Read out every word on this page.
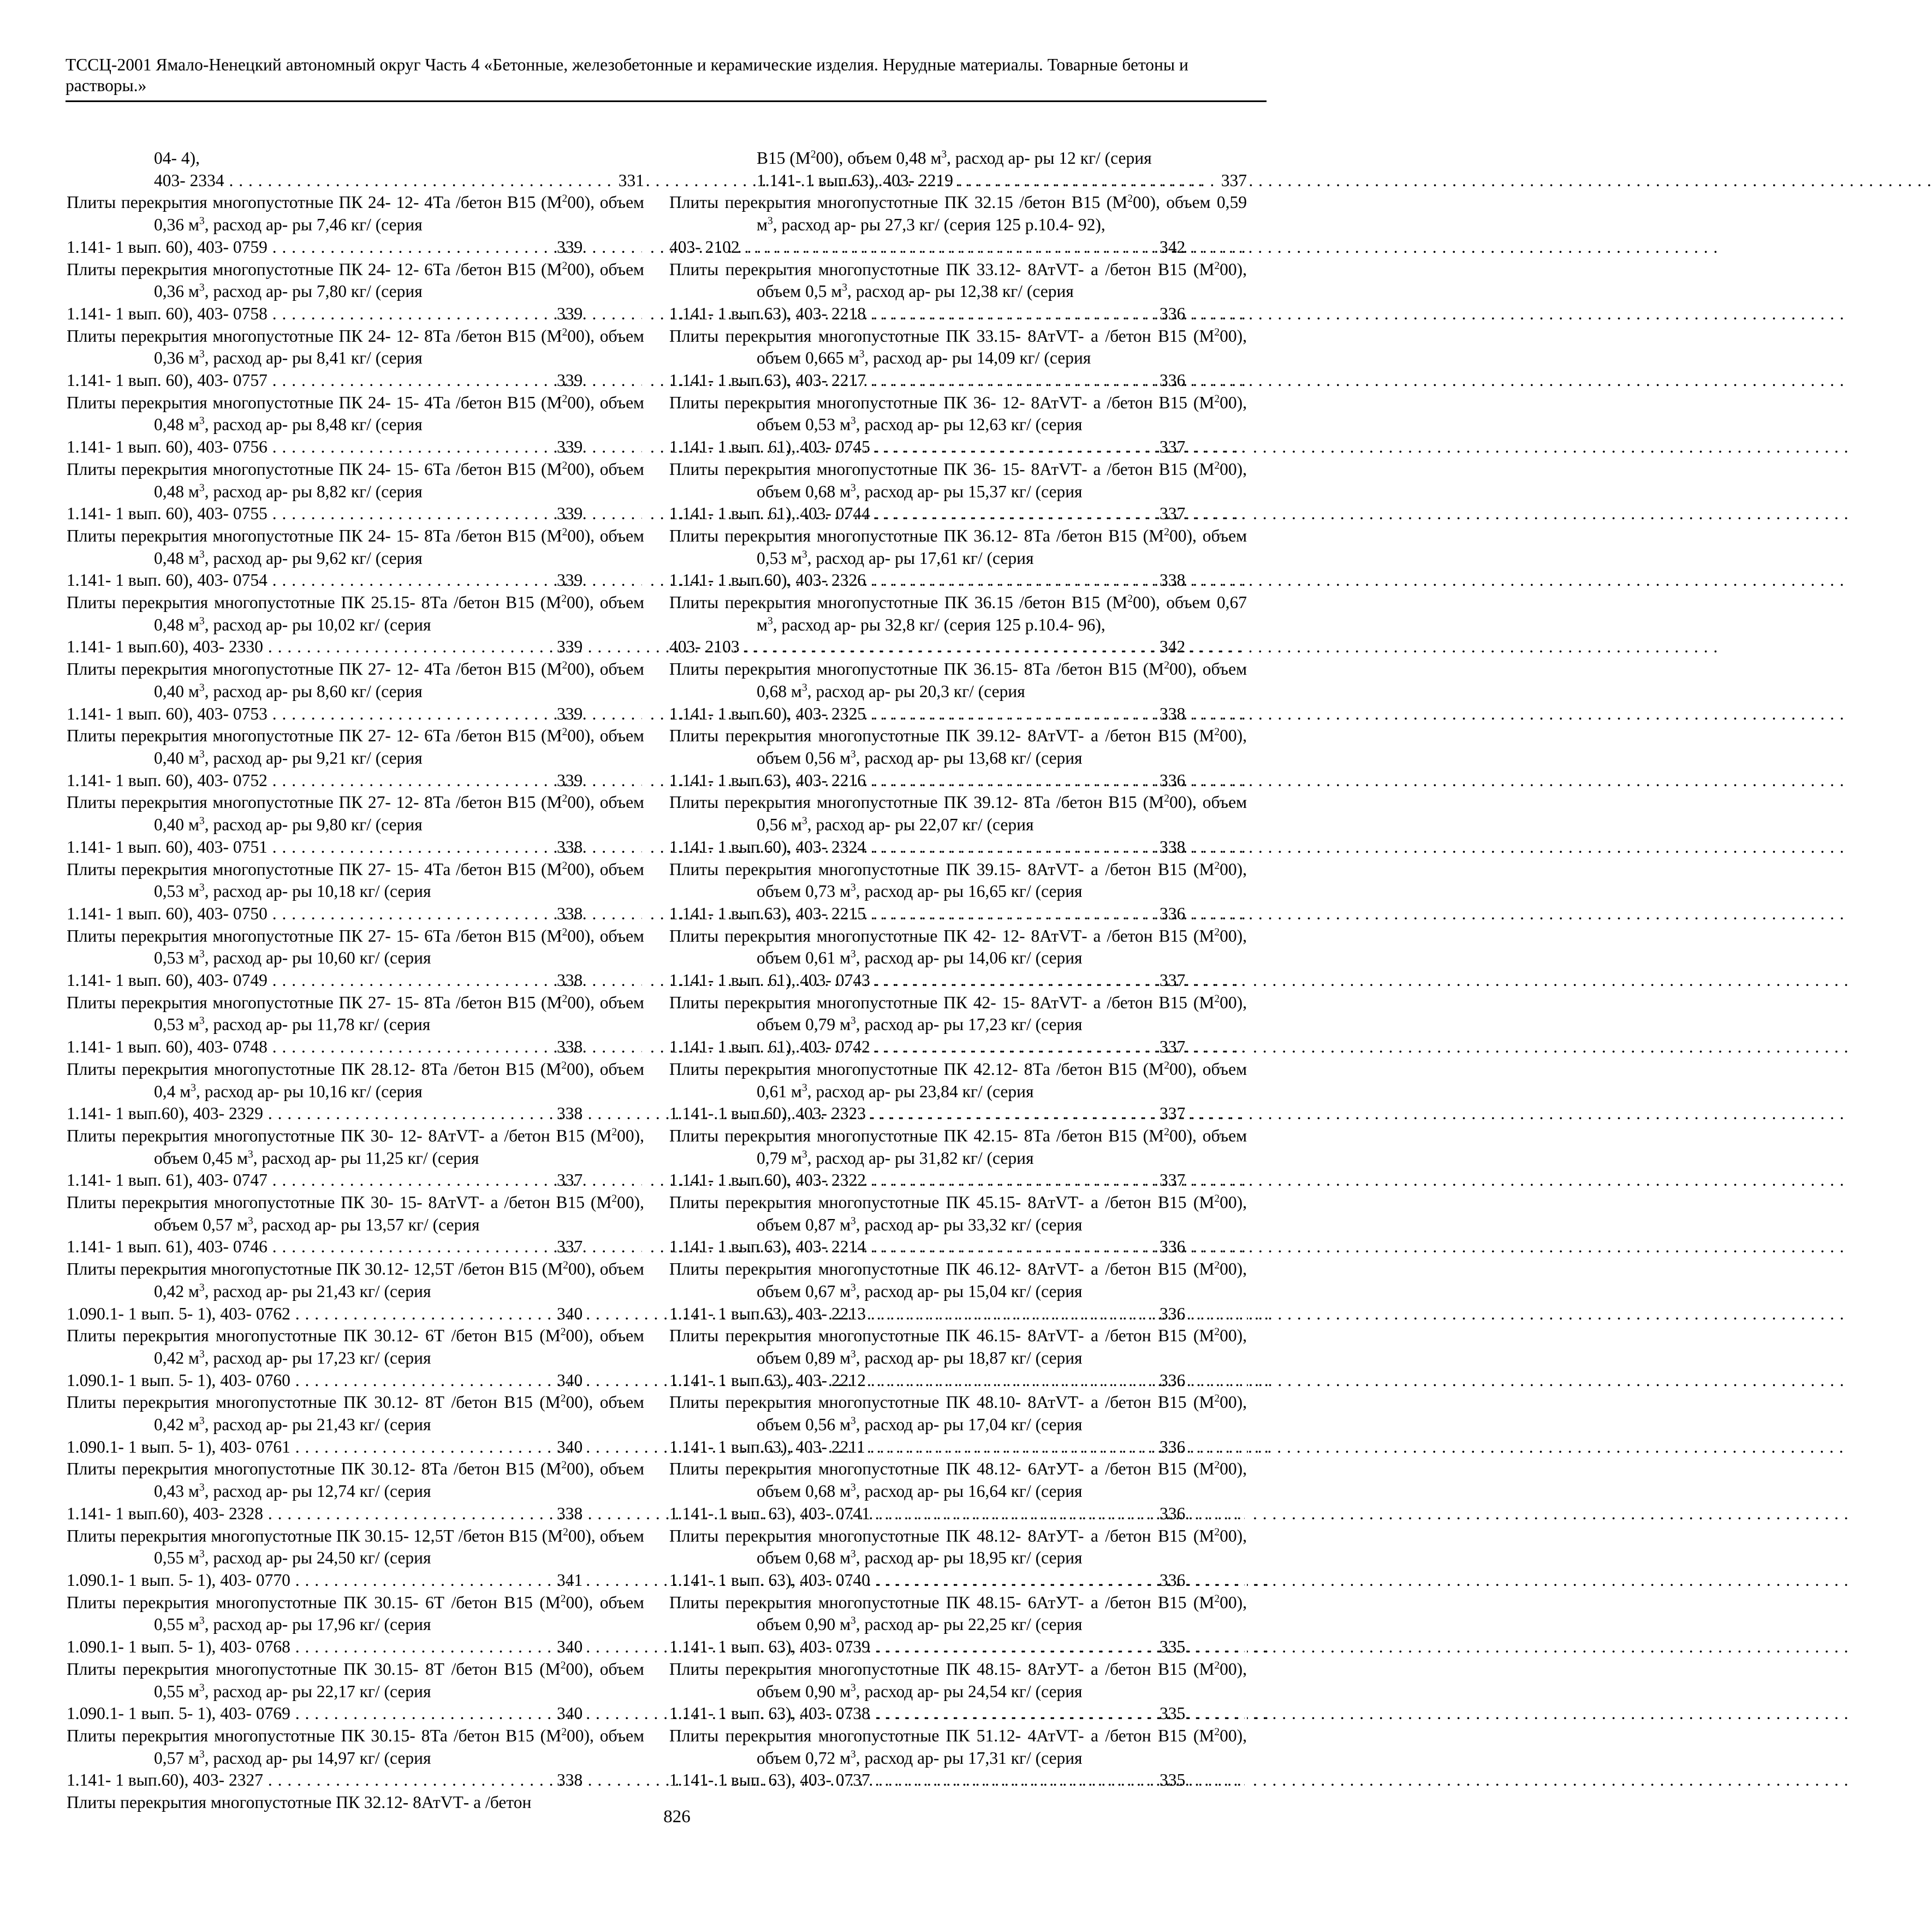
ТССЦ-2001 Ямало-Ненецкий автономный округ Часть 4 «Бетонные, железобетонные и керамические изделия. Нерудные материалы. Товарные бетоны и растворы.»
04- 4),
331
403- 2334 . . .
Плиты перекрытия многопустотные ПК 24- 12- 4Та /бетон В15 $(M^200)$, объем 0,36 $м^3$, расход ар- ры 7,46 кг/ (серия
339
1.141- 1 вып. 60), 403- 0759 . . .
Плиты перекрытия многопустотные ПК 24- 12- 6Та /бетон В15 $(M^200)$, объем 0,36 $м^3$, расход ар- ры 7,80 кг/ (серия
339
1.141- 1 вып. 60), 403- 0758 . . .
Плиты перекрытия многопустотные ПК 24- 12- 8Та /бетон В15 $(M^200)$, объем 0,36 $м^3$, расход ар- ры 8,41 кг/ (серия
339
1.141- 1 вып. 60), 403- 0757 . . .
Плиты перекрытия многопустотные ПК 24- 15- 4Та /бетон В15 $(M^200)$, объем 0,48 $м^3$, расход ар- ры 8,48 кг/ (серия
339
1.141- 1 вып. 60), 403- 0756 . . .
Плиты перекрытия многопустотные ПК 24- 15- 6Та /бетон В15 $(M^200)$, объем 0,48 $м^3$, расход ар- ры 8,82 кг/ (серия
339
1.141- 1 вып. 60), 403- 0755 . . .
Плиты перекрытия многопустотные ПК 24- 15- 8Та /бетон В15 $(M^200)$, объем 0,48 $м^3$, расход ар- ры 9,62 кг/ (серия
339
1.141- 1 вып. 60), 403- 0754 . . .
Плиты перекрытия многопустотные ПК 25.15- 8Та /бетон В15 $(M^200)$, объем 0,48 $м^3$, расход ар- ры 10,02 кг/ (серия
339
1.141- 1 вып.60), 403- 2330 . . .
Плиты перекрытия многопустотные ПК 27- 12- 4Та /бетон В15 $(M^200)$, объем 0,40 $м^3$, расход ар- ры 8,60 кг/ (серия
339
1.141- 1 вып. 60), 403- 0753 . . .
Плиты перекрытия многопустотные ПК 27- 12- 6Та /бетон В15 $(M^200)$, объем 0,40 $м^3$, расход ар- ры 9,21 кг/ (серия
339
1.141- 1 вып. 60), 403- 0752 . . .
Плиты перекрытия многопустотные ПК 27- 12- 8Та /бетон В15 $(M^200)$, объем 0,40 $м^3$, расход ар- ры 9,80 кг/ (серия
338
1.141- 1 вып. 60), 403- 0751 . . .
Плиты перекрытия многопустотные ПК 27- 15- 4Та /бетон В15 $(M^200)$, объем 0,53 $м^3$, расход ар- ры 10,18 кг/ (серия
338
1.141- 1 вып. 60), 403- 0750 . . .
Плиты перекрытия многопустотные ПК 27- 15- 6Та /бетон В15 $(M^200)$, объем 0,53 $м^3$, расход ар- ры 10,60 кг/ (серия
338
1.141- 1 вып. 60), 403- 0749 . . .
Плиты перекрытия многопустотные ПК 27- 15- 8Та /бетон В15 $(M^200)$, объем 0,53 $м^3$, расход ар- ры 11,78 кг/ (серия
338
1.141- 1 вып. 60), 403- 0748 . . .
Плиты перекрытия многопустотные ПК 28.12- 8Та /бетон В15 $(M^200)$, объем 0,4 $м^3$, расход ар- ры 10,16 кг/ (серия
338
1.141- 1 вып.60), 403- 2329 . . .
Плиты перекрытия многопустотные ПК 30- 12- 8АтVТ- а /бетон В15 $(M^200)$, объем 0,45 $м^3$, расход ар- ры 11,25 кг/ (серия
337
1.141- 1 вып. 61), 403- 0747 . . .
Плиты перекрытия многопустотные ПК 30- 15- 8АтVТ- а /бетон В15 $(M^200)$, объем 0,57 $м^3$, расход ар- ры 13,57 кг/ (серия
337
1.141- 1 вып. 61), 403- 0746 . . .
Плиты перекрытия многопустотные ПК 30.12- 12,5Т /бетон В15 $(M^200)$, объем 0,42 $м^3$, расход ар- ры 21,43 кг/ (серия
340
1.090.1- 1 вып. 5- 1), 403- 0762 . . .
Плиты перекрытия многопустотные ПК 30.12- 6Т /бетон В15 $(M^200)$, объем 0,42 $м^3$, расход ар- ры 17,23 кг/ (серия
340
1.090.1- 1 вып. 5- 1), 403- 0760 . . .
Плиты перекрытия многопустотные ПК 30.12- 8Т /бетон В15 $(M^200)$, объем 0,42 $м^3$, расход ар- ры 21,43 кг/ (серия
340
1.090.1- 1 вып. 5- 1), 403- 0761 . . .
Плиты перекрытия многопустотные ПК 30.12- 8Та /бетон В15 $(M^200)$, объем 0,43 $м^3$, расход ар- ры 12,74 кг/ (серия
338
1.141- 1 вып.60), 403- 2328 . . .
Плиты перекрытия многопустотные ПК 30.15- 12,5Т /бетон В15 $(M^200)$, объем 0,55 $м^3$, расход ар- ры 24,50 кг/ (серия
341
1.090.1- 1 вып. 5- 1), 403- 0770 . . .
Плиты перекрытия многопустотные ПК 30.15- 6Т /бетон В15 $(M^200)$, объем 0,55 $м^3$, расход ар- ры 17,96 кг/ (серия
340
1.090.1- 1 вып. 5- 1), 403- 0768 . . .
Плиты перекрытия многопустотные ПК 30.15- 8Т /бетон В15 $(M^200)$, объем 0,55 $м^3$, расход ар- ры 22,17 кг/ (серия
340
1.090.1- 1 вып. 5- 1), 403- 0769 . . .
Плиты перекрытия многопустотные ПК 30.15- 8Та /бетон В15 $(M^200)$, объем 0,57 $м^3$, расход ар- ры 14,97 кг/ (серия
338
1.141- 1 вып.60), 403- 2327 . . .
Плиты перекрытия многопустотные ПК 32.12- 8АтVТ- а /бетон
В15 $(M^200)$, объем 0,48 $м^3$, расход ар- ры 12 кг/ (серия
337
1.141- 1 вып.63), 403- 2219 . . .
Плиты перекрытия многопустотные ПК 32.15 /бетон В15 $(M^200)$, объем 0,59 $м^3$, расход ар- ры 27,3 кг/ (серия 125 р.10.4- 92),
342
403- 2102 . . .
Плиты перекрытия многопустотные ПК 33.12- 8АтVТ- а /бетон В15 $(M^200)$, объем 0,5 $м^3$, расход ар- ры 12,38 кг/ (серия
336
1.141- 1 вып.63), 403- 2218 . . .
Плиты перекрытия многопустотные ПК 33.15- 8АтVТ- а /бетон В15 $(M^200)$, объем 0,665 $м^3$, расход ар- ры 14,09 кг/ (серия
336
1.141- 1 вып.63), 403- 2217 . . .
Плиты перекрытия многопустотные ПК 36- 12- 8АтVТ- а /бетон В15 $(M^200)$, объем 0,53 $м^3$, расход ар- ры 12,63 кг/ (серия
337
1.141- 1 вып. 61), 403- 0745 . . .
Плиты перекрытия многопустотные ПК 36- 15- 8АтVТ- а /бетон В15 $(M^200)$, объем 0,68 $м^3$, расход ар- ры 15,37 кг/ (серия
337
1.141- 1 вып. 61), 403- 0744 . . .
Плиты перекрытия многопустотные ПК 36.12- 8Та /бетон В15 $(M^200)$, объем 0,53 $м^3$, расход ар- ры 17,61 кг/ (серия
338
1.141- 1 вып.60), 403- 2326 . . .
Плиты перекрытия многопустотные ПК 36.15 /бетон В15 $(M^200)$, объем 0,67 $м^3$, расход ар- ры 32,8 кг/ (серия 125 р.10.4- 96),
342
403- 2103 . . .
Плиты перекрытия многопустотные ПК 36.15- 8Та /бетон В15 $(M^200)$, объем 0,68 $м^3$, расход ар- ры 20,3 кг/ (серия
338
1.141- 1 вып.60), 403- 2325 . . .
Плиты перекрытия многопустотные ПК 39.12- 8АтVТ- а /бетон В15 $(M^200)$, объем 0,56 $м^3$, расход ар- ры 13,68 кг/ (серия
336
1.141- 1 вып.63), 403- 2216 . . .
Плиты перекрытия многопустотные ПК 39.12- 8Та /бетон В15 $(M^200)$, объем 0,56 $м^3$, расход ар- ры 22,07 кг/ (серия
338
1.141- 1 вып.60), 403- 2324 . . .
Плиты перекрытия многопустотные ПК 39.15- 8АтVТ- а /бетон В15 $(M^200)$, объем 0,73 $м^3$, расход ар- ры 16,65 кг/ (серия
336
1.141- 1 вып.63), 403- 2215 . . .
Плиты перекрытия многопустотные ПК 42- 12- 8АтVТ- а /бетон В15 $(M^200)$, объем 0,61 $м^3$, расход ар- ры 14,06 кг/ (серия
337
1.141- 1 вып. 61), 403- 0743 . . .
Плиты перекрытия многопустотные ПК 42- 15- 8АтVТ- а /бетон В15 $(M^200)$, объем 0,79 $м^3$, расход ар- ры 17,23 кг/ (серия
337
1.141- 1 вып. 61), 403- 0742 . . .
Плиты перекрытия многопустотные ПК 42.12- 8Та /бетон В15 $(M^200)$, объем 0,61 $м^3$, расход ар- ры 23,84 кг/ (серия
337
1.141- 1 вып.60), 403- 2323 . . .
Плиты перекрытия многопустотные ПК 42.15- 8Та /бетон В15 $(M^200)$, объем 0,79 $м^3$, расход ар- ры 31,82 кг/ (серия
337
1.141- 1 вып.60), 403- 2322 . . .
Плиты перекрытия многопустотные ПК 45.15- 8АтVТ- а /бетон В15 $(M^200)$, объем 0,87 $м^3$, расход ар- ры 33,32 кг/ (серия
336
1.141- 1 вып.63), 403- 2214 . . .
Плиты перекрытия многопустотные ПК 46.12- 8АтVТ- а /бетон В15 $(M^200)$, объем 0,67 $м^3$, расход ар- ры 15,04 кг/ (серия
336
1.141- 1 вып.63), 403- 2213 . . .
Плиты перекрытия многопустотные ПК 46.15- 8АтVТ- а /бетон В15 $(M^200)$, объем 0,89 $м^3$, расход ар- ры 18,87 кг/ (серия
336
1.141- 1 вып.63), 403- 2212 . . .
Плиты перекрытия многопустотные ПК 48.10- 8АтVТ- а /бетон В15 $(M^200)$, объем 0,56 $м^3$, расход ар- ры 17,04 кг/ (серия
336
1.141- 1 вып.63), 403- 2211 . . .
Плиты перекрытия многопустотные ПК 48.12- 6АтУТ- а /бетон В15 $(M^200)$, объем 0,68 $м^3$, расход ар- ры 16,64 кг/ (серия
336
1.141- 1 вып. 63), 403- 0741 . . .
Плиты перекрытия многопустотные ПК 48.12- 8АтУТ- а /бетон В15 $(M^200)$, объем 0,68 $м^3$, расход ар- ры 18,95 кг/ (серия
336
1.141- 1 вып. 63), 403- 0740 . . .
Плиты перекрытия многопустотные ПК 48.15- 6АтУТ- а /бетон В15 $(M^200)$, объем 0,90 $м^3$, расход ар- ры 22,25 кг/ (серия
335
1.141- 1 вып. 63), 403- 0739 . . .
Плиты перекрытия многопустотные ПК 48.15- 8АтУТ- а /бетон В15 $(M^200)$, объем 0,90 $м^3$, расход ар- ры 24,54 кг/ (серия
335
1.141- 1 вып. 63), 403- 0738 . . .
Плиты перекрытия многопустотные ПК 51.12- 4АтVТ- а /бетон В15 $(M^200)$, объем 0,72 $м^3$, расход ар- ры 17,31 кг/ (серия
335
1.141- 1 вып. 63), 403- 0737 . . .
826
